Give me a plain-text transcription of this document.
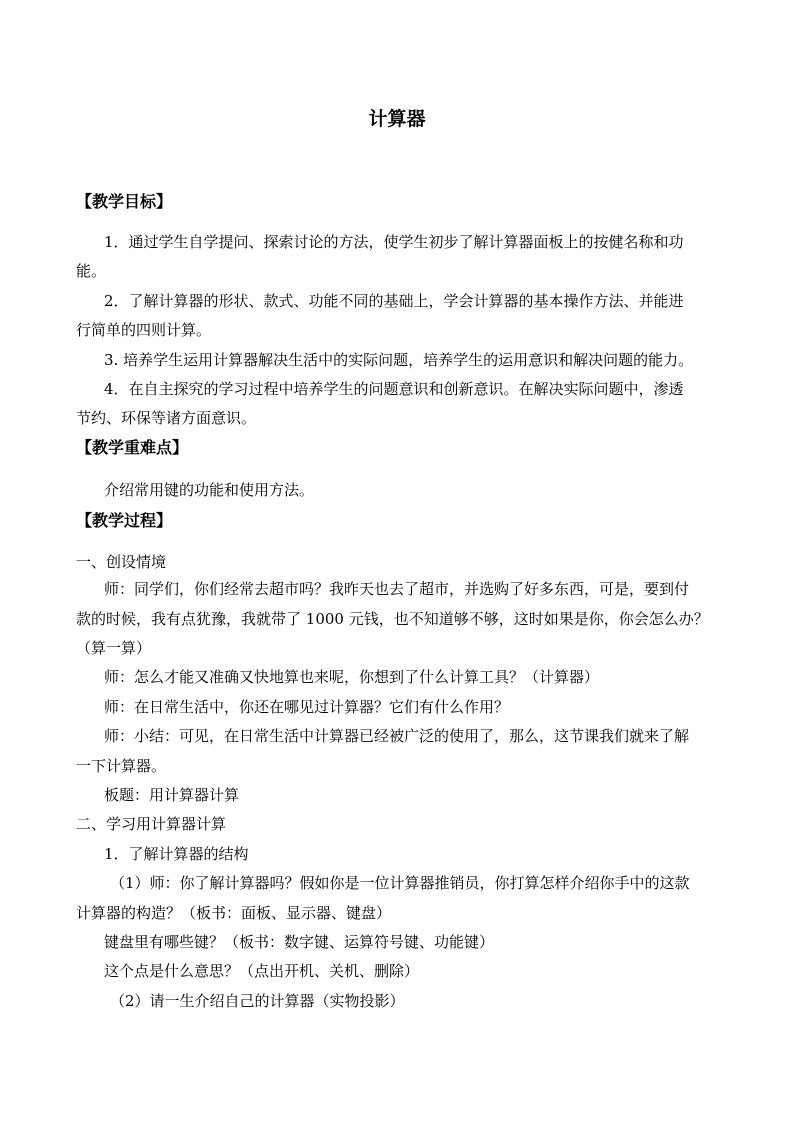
计算器
【教学目标】
1．通过学生自学提问、探索讨论的方法，使学生初步了解计算器面板上的按健名称和功
能。
2．了解计算器的形状、款式、功能不同的基础上，学会计算器的基本操作方法、并能进
行简单的四则计算。
3. 培养学生运用计算器解决生活中的实际问题，培养学生的运用意识和解决问题的能力。
4．在自主探究的学习过程中培养学生的问题意识和创新意识。在解决实际问题中，渗透
节约、环保等诸方面意识。
【教学重难点】
介绍常用键的功能和使用方法。
【教学过程】
一、创设情境
师：同学们，你们经常去超市吗？我昨天也去了超市，并选购了好多东西，可是，要到付
款的时候，我有点犹豫，我就带了 1000 元钱，也不知道够不够，这时如果是你，你会怎么办？
（算一算）
师：怎么才能又准确又快地算也来呢，你想到了什么计算工具？（计算器）
师：在日常生活中，你还在哪见过计算器？它们有什么作用？
师：小结：可见，在日常生活中计算器已经被广泛的使用了，那么，这节课我们就来了解
一下计算器。
板题：用计算器计算
二、学习用计算器计算
1．了解计算器的结构
（1）师：你了解计算器吗？假如你是一位计算器推销员，你打算怎样介绍你手中的这款
计算器的构造？（板书：面板、显示器、键盘）
键盘里有哪些键？（板书：数字键、运算符号键、功能键）
这个点是什么意思？（点出开机、关机、删除）
（2）请一生介绍自己的计算器（实物投影）
